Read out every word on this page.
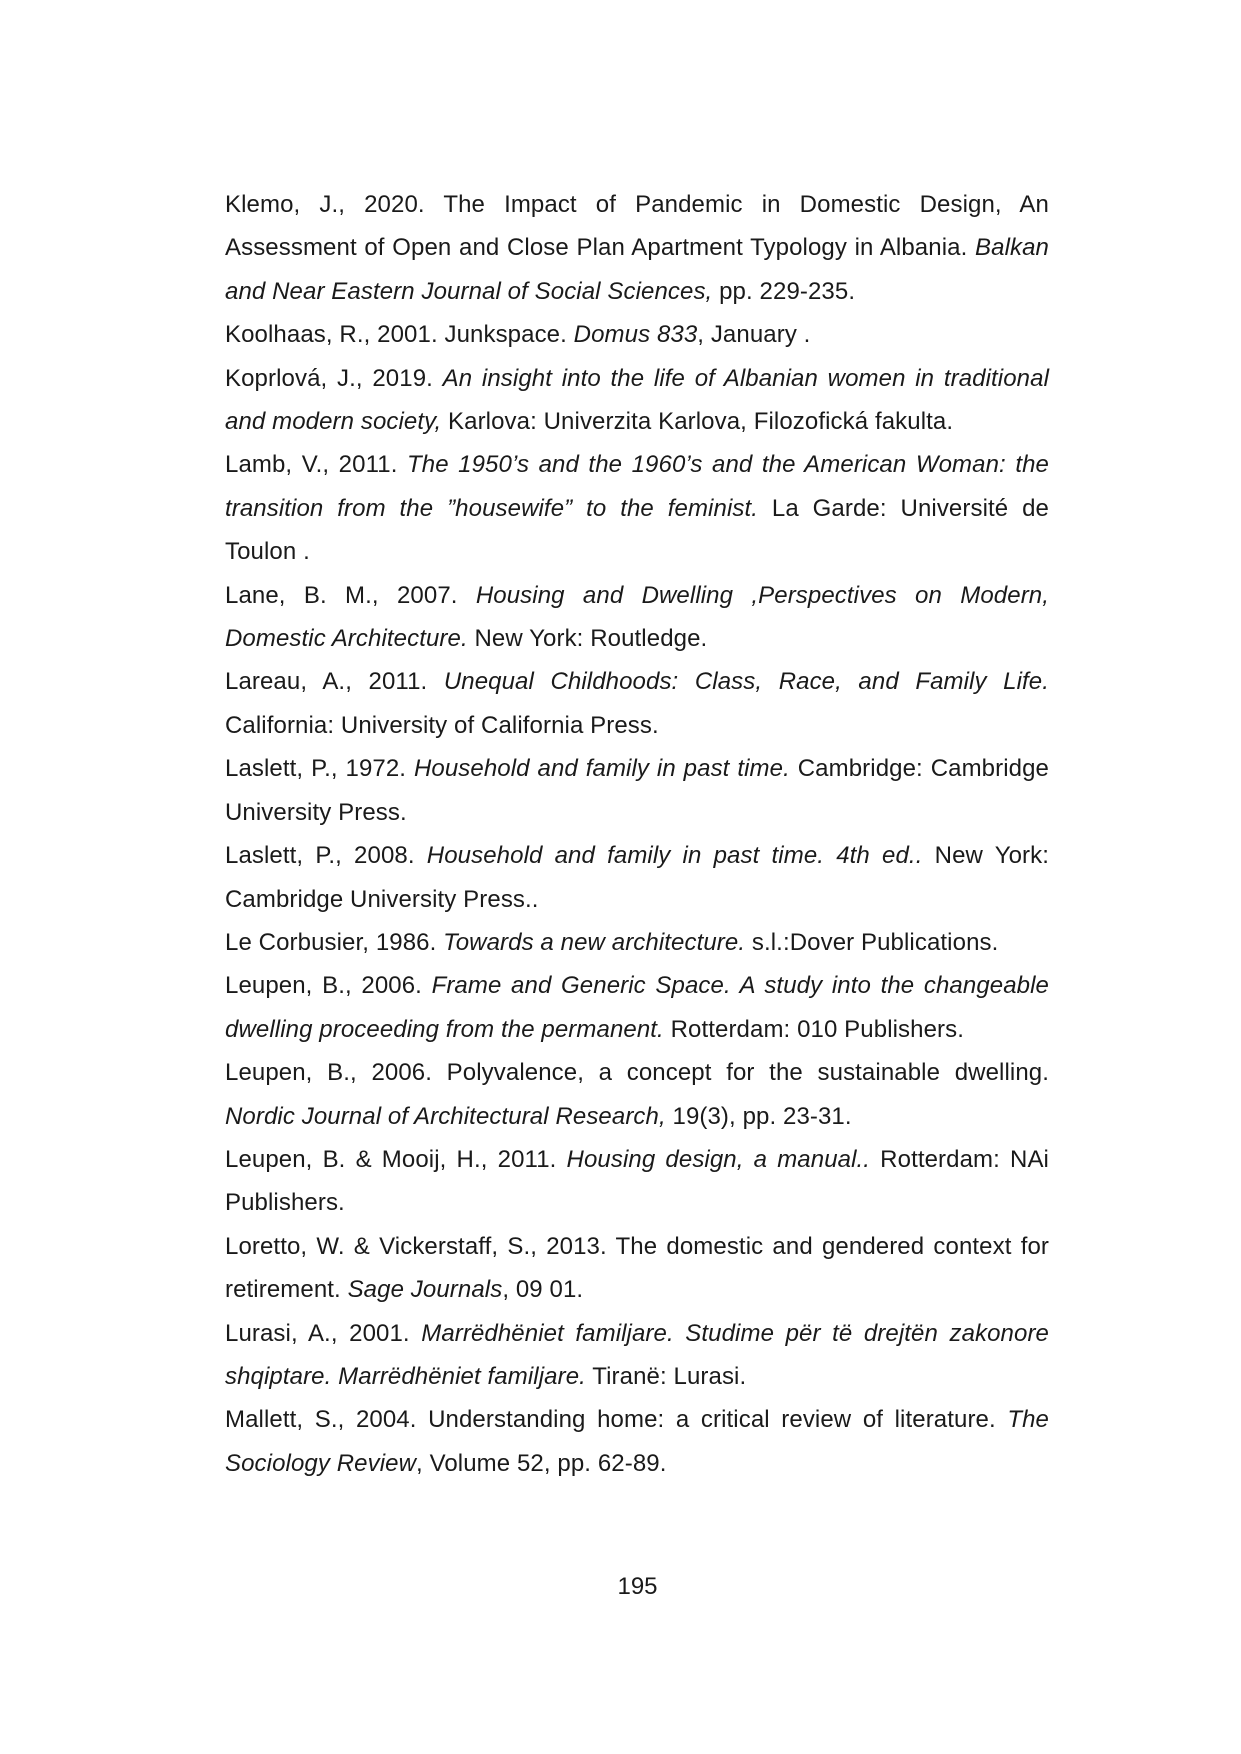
Klemo, J., 2020. The Impact of Pandemic in Domestic Design, An Assessment of Open and Close Plan Apartment Typology in Albania. Balkan and Near Eastern Journal of Social Sciences, pp. 229-235.

Koolhaas, R., 2001. Junkspace. Domus 833, January .

Koprlová, J., 2019. An insight into the life of Albanian women in traditional and modern society, Karlova: Univerzita Karlova, Filozofická fakulta.

Lamb, V., 2011. The 1950’s and the 1960’s and the American Woman: the transition from the ”housewife” to the feminist. La Garde: Université de Toulon .

Lane, B. M., 2007. Housing and Dwelling ,Perspectives on Modern, Domestic Architecture. New York: Routledge.

Lareau, A., 2011. Unequal Childhoods: Class, Race, and Family Life. California: University of California Press.

Laslett, P., 1972. Household and family in past time. Cambridge: Cambridge University Press.

Laslett, P., 2008. Household and family in past time. 4th ed.. New York: Cambridge University Press..

Le Corbusier, 1986. Towards a new architecture. s.l.:Dover Publications.

Leupen, B., 2006. Frame and Generic Space. A study into the changeable dwelling proceeding from the permanent. Rotterdam: 010 Publishers.

Leupen, B., 2006. Polyvalence, a concept for the sustainable dwelling. Nordic Journal of Architectural Research, 19(3), pp. 23-31.

Leupen, B. & Mooij, H., 2011. Housing design, a manual.. Rotterdam: NAi Publishers.

Loretto, W. & Vickerstaff, S., 2013. The domestic and gendered context for retirement. Sage Journals, 09 01.

Lurasi, A., 2001. Marrëdhëniet familjare. Studime për të drejtën zakonore shqiptare. Marrëdhëniet familjare. Tiranë: Lurasi.

Mallett, S., 2004. Understanding home: a critical review of literature. The Sociology Review, Volume 52, pp. 62-89.

195
